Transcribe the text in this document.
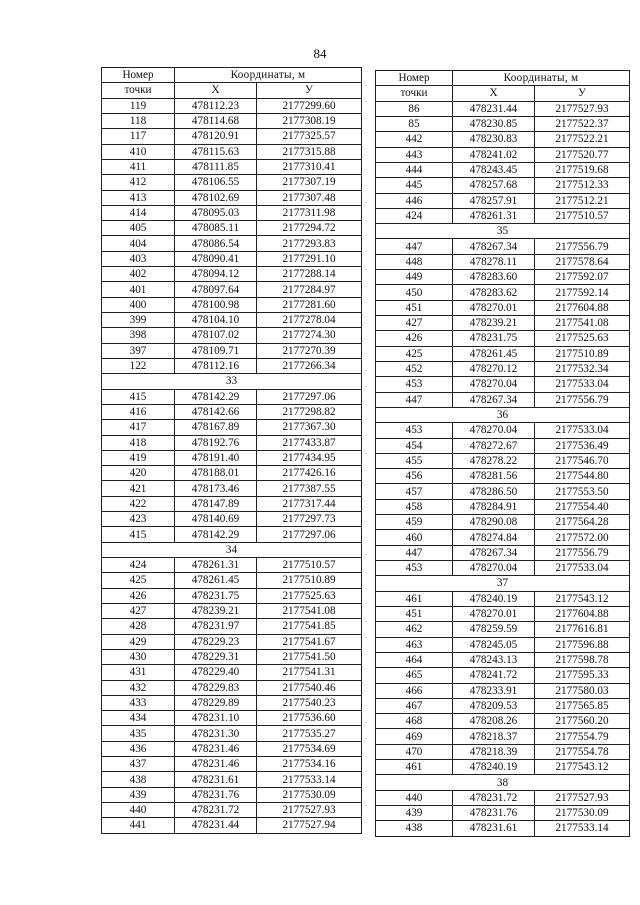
84
Номер	Координаты, м	
точки	X	У
119	478112.23	2177299.60
118	478114.68	2177308.19
117	478120.91	2177325.57
410	478115.63	2177315.88
411	478111.85	2177310.41
412	478106.55	2177307.19
413	478102.69	2177307.48
414	478095.03	2177311.98
405	478085.11	2177294.72
404	478086.54	2177293.83
403	478090.41	2177291.10
402	478094.12	2177288.14
401	478097.64	2177284.97
400	478100.98	2177281.60
399	478104.10	2177278.04
398	478107.02	2177274.30
397	478109.71	2177270.39
122	478112.16	2177266.34
33		
415	478142.29	2177297.06
416	478142.66	2177298.82
417	478167.89	2177367.30
418	478192.76	2177433.87
419	478191.40	2177434.95
420	478188.01	2177426.16
421	478173.46	2177387.55
422	478147.89	2177317.44
423	478140.69	2177297.73
415	478142.29	2177297.06
34		
424	478261.31	2177510.57
425	478261.45	2177510.89
426	478231.75	2177525.63
427	478239.21	2177541.08
428	478231.97	2177541.85
429	478229.23	2177541.67
430	478229.31	2177541.50
431	478229.40	2177541.31
432	478229.83	2177540.46
433	478229.89	2177540.23
434	478231.10	2177536.60
435	478231.30	2177535.27
436	478231.46	2177534.69
437	478231.46	2177534.16
438	478231.61	2177533.14
439	478231.76	2177530.09
440	478231.72	2177527.93
441	478231.44	2177527.94
Номер	Координаты, м	
точки	X	У
86	478231.44	2177527.93
85	478230.85	2177522.37
442	478230.83	2177522.21
443	478241.02	2177520.77
444	478243.45	2177519.68
445	478257.68	2177512.33
446	478257.91	2177512.21
424	478261.31	2177510.57
35		
447	478267.34	2177556.79
448	478278.11	2177578.64
449	478283.60	2177592.07
450	478283.62	2177592.14
451	478270.01	2177604.88
427	478239.21	2177541.08
426	478231.75	2177525.63
425	478261.45	2177510.89
452	478270.12	2177532.34
453	478270.04	2177533.04
447	478267.34	2177556.79
36		
453	478270.04	2177533.04
454	478272.67	2177536.49
455	478278.22	2177546.70
456	478281.56	2177544.80
457	478286.50	2177553.50
458	478284.91	2177554.40
459	478290.08	2177564.28
460	478274.84	2177572.00
447	478267.34	2177556.79
453	478270.04	2177533.04
37		
461	478240.19	2177543.12
451	478270.01	2177604.88
462	478259.59	2177616.81
463	478245.05	2177596.88
464	478243.13	2177598.78
465	478241.72	2177595.33
466	478233.91	2177580.03
467	478209.53	2177565.85
468	478208.26	2177560.20
469	478218.37	2177554.79
470	478218.39	2177554.78
461	478240.19	2177543.12
38		
440	478231.72	2177527.93
439	478231.76	2177530.09
438	478231.61	2177533.14
